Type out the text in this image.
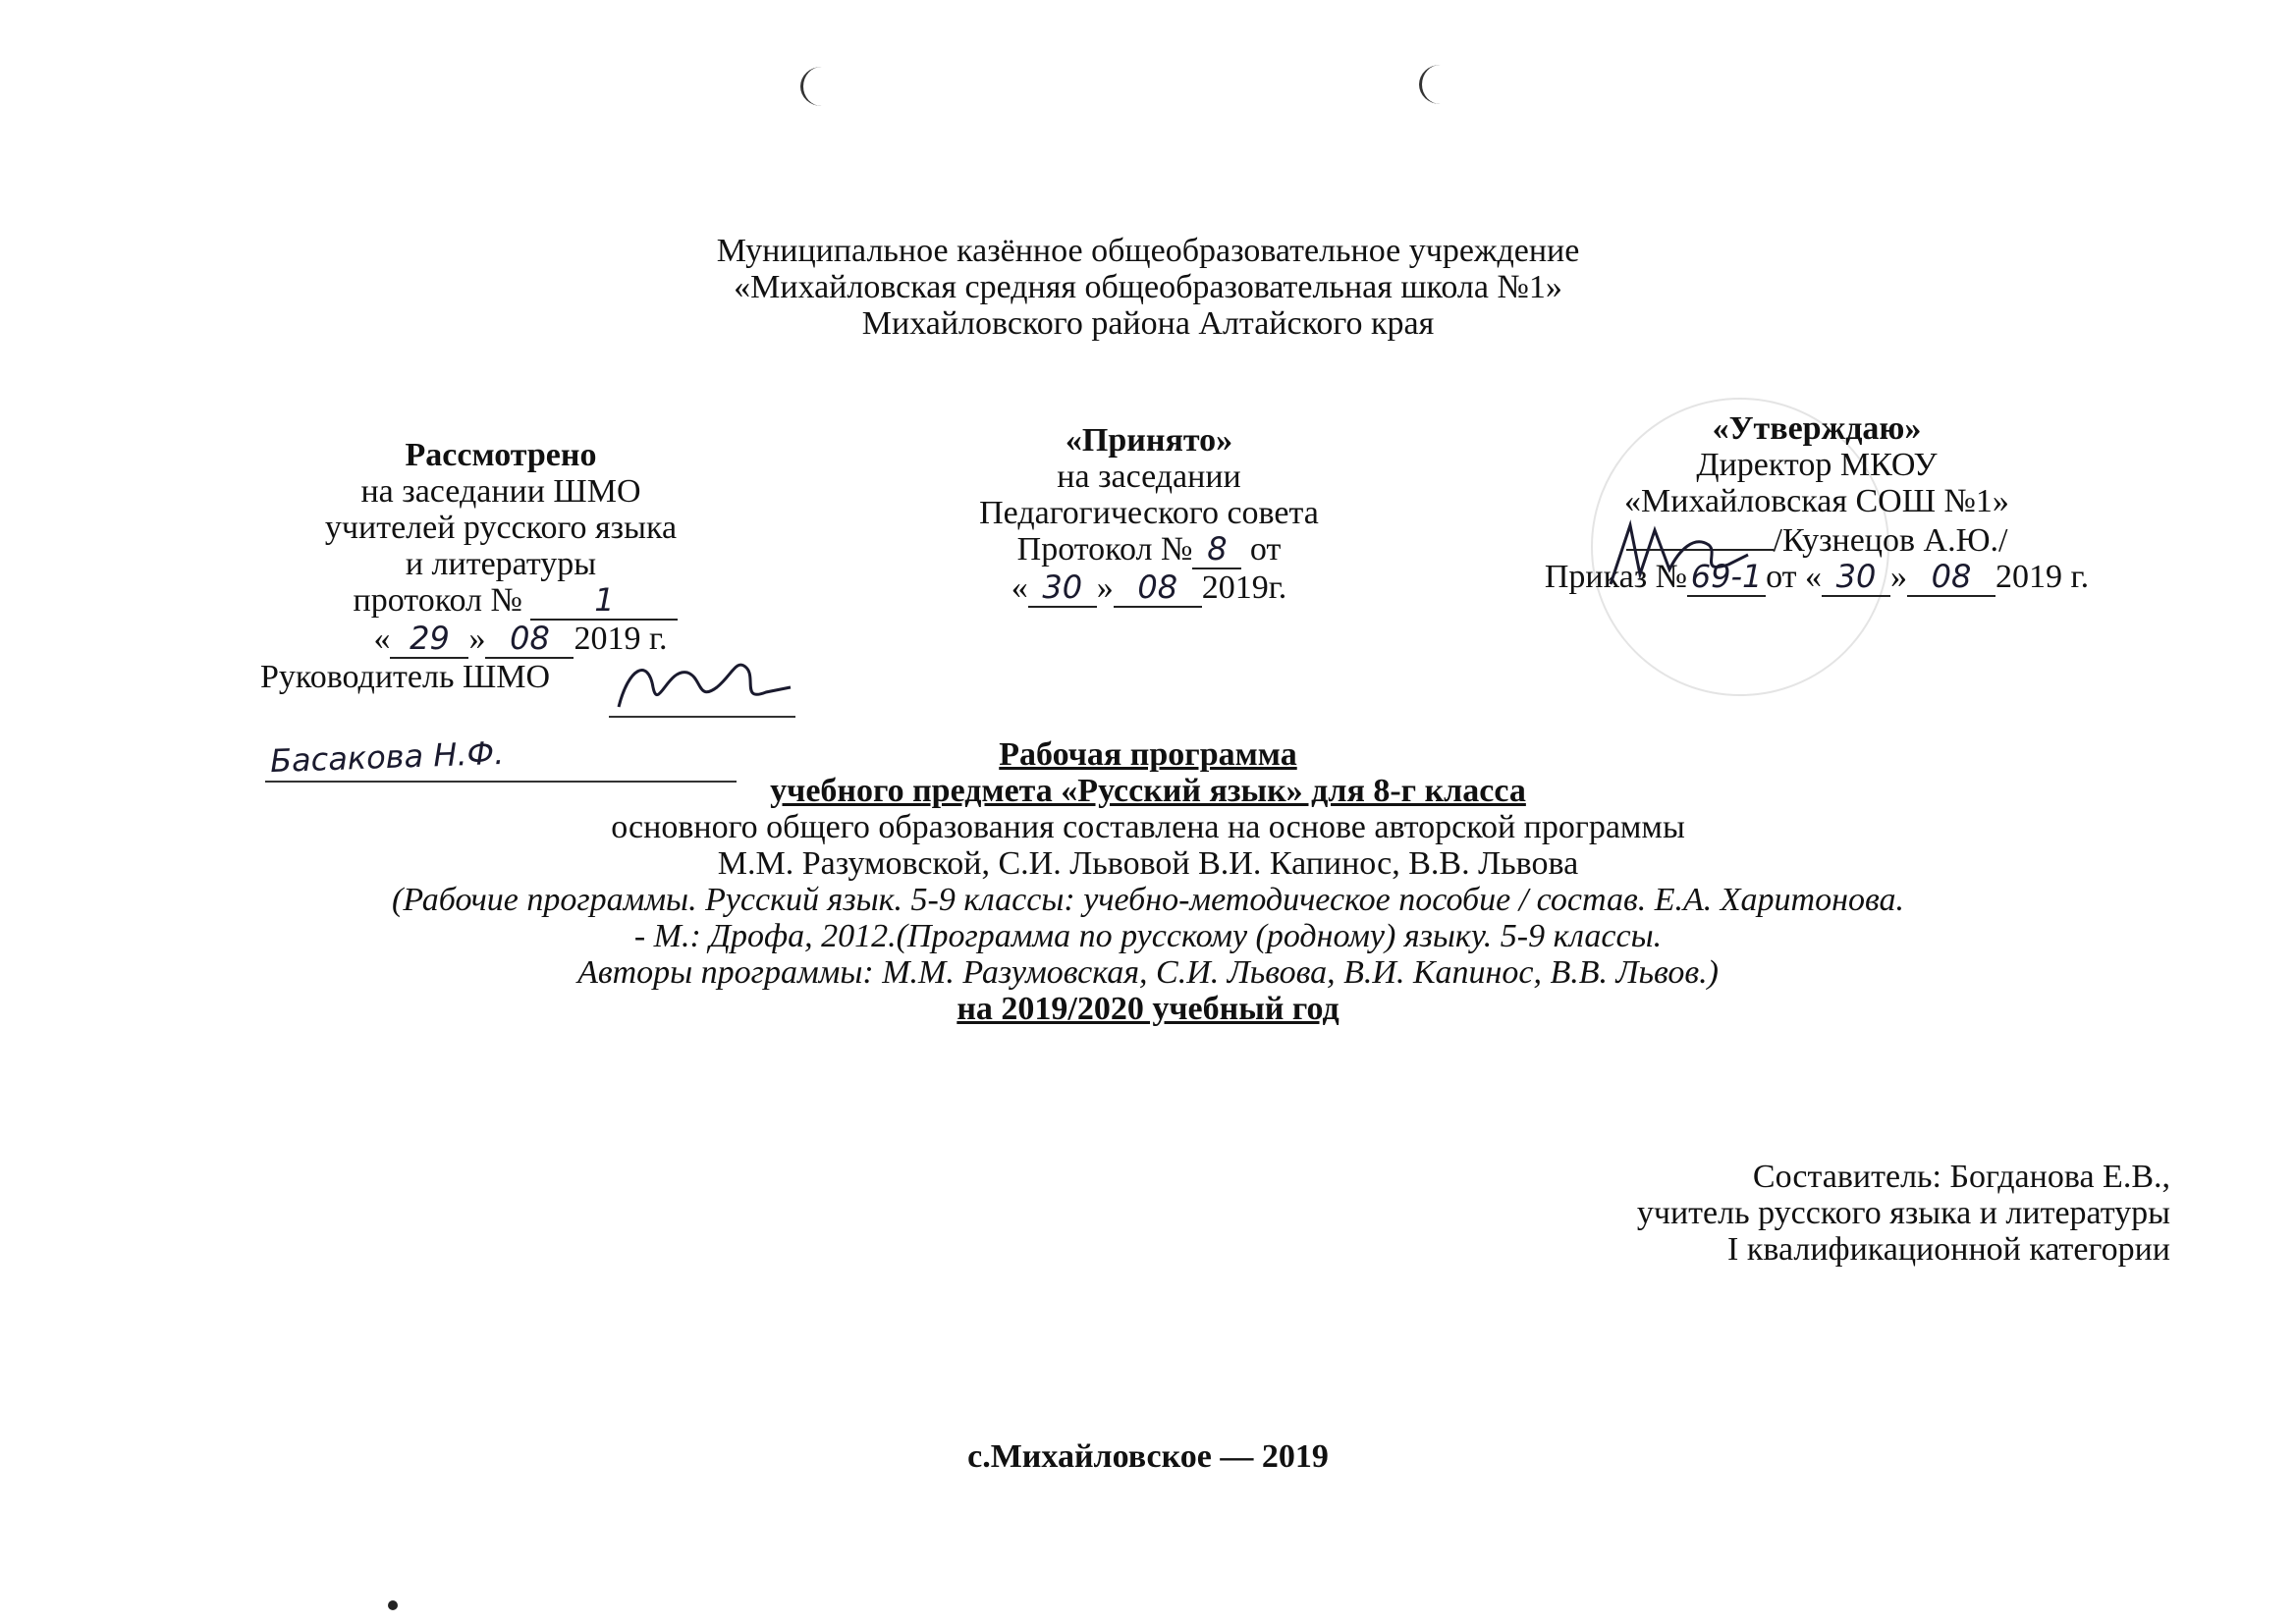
Муниципальное казённое общеобразовательное учреждение
«Михайловская средняя общеобразовательная школа №1»
Михайловского района Алтайского края
Рассмотрено
на заседании ШМО
учителей русского языка
и литературы
протокол № 1
« 29 » 08 2019 г.
Руководитель ШМО
Басакова Н.Ф.
«Принято»
на заседании
Педагогического совета
Протокол № 8 от
« 30 » 08 2019г.
«Утверждаю»
Директор МКОУ
«Михайловская СОШ №1»
/Кузнецов А.Ю./
Приказ № 69-1 от « 30 » 08 2019 г.
Рабочая программа
учебного предмета «Русский язык» для 8-г класса
основного общего образования составлена на основе авторской программы
М.М. Разумовской, С.И. Львовой В.И. Капинос, В.В. Львова
(Рабочие программы. Русский язык. 5-9 классы: учебно-методическое пособие / состав. Е.А. Харитонова.
- М.: Дрофа, 2012.(Программа по русскому (родному) языку. 5-9 классы.
Авторы программы: М.М. Разумовская, С.И. Львова, В.И. Капинос, В.В. Львов.)
на 2019/2020 учебный год
Составитель: Богданова Е.В.,
учитель русского языка и литературы
I квалификационной категории
с.Михайловское — 2019
